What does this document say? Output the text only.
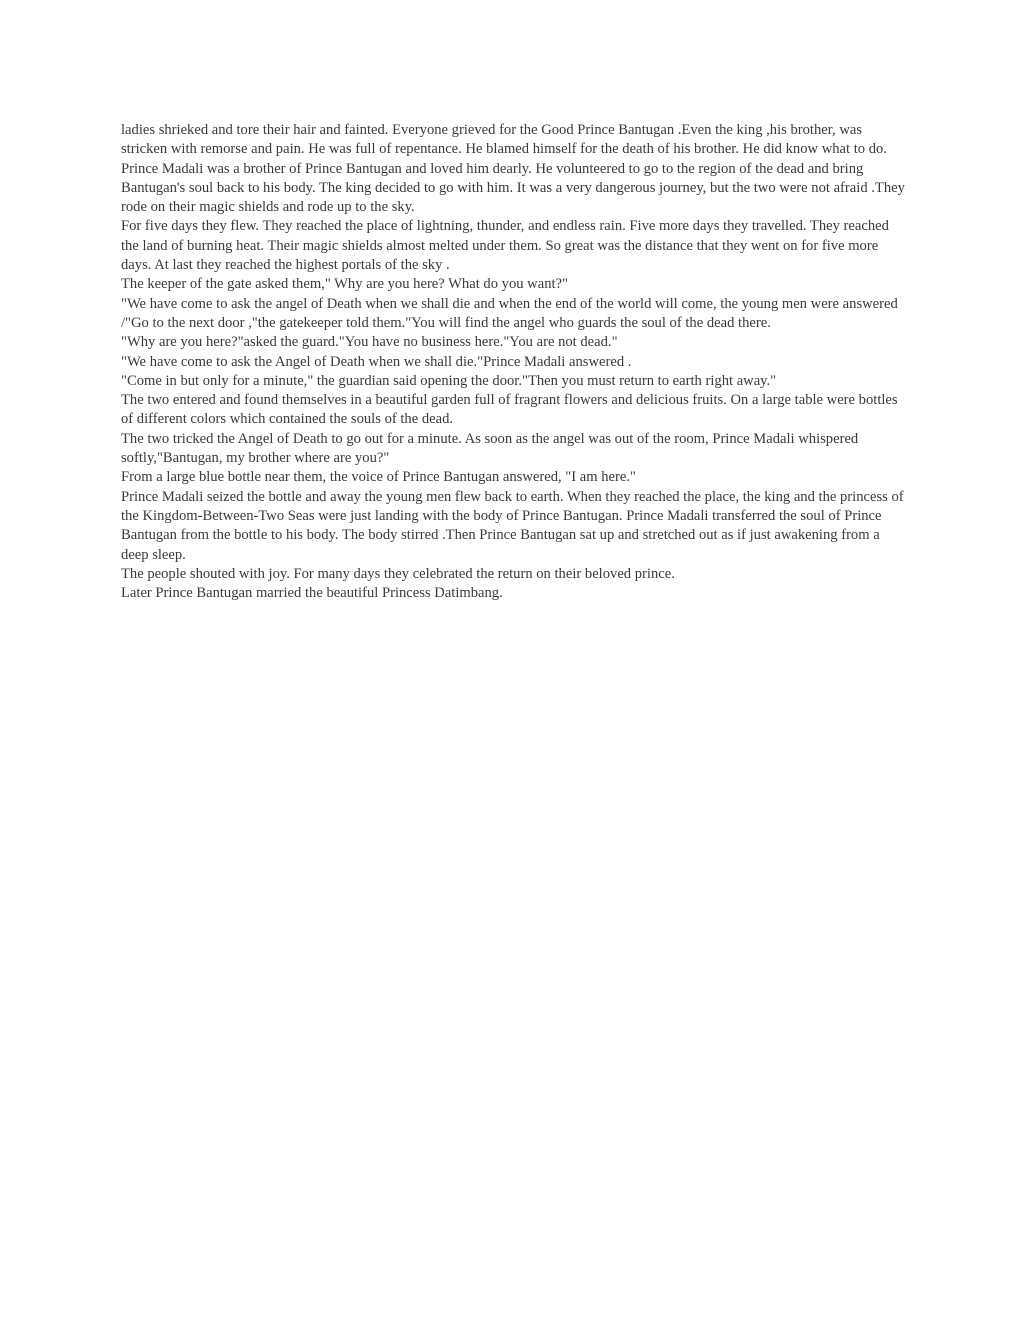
ladies shrieked and tore their hair and fainted. Everyone grieved for the Good Prince Bantugan .Even the king ,his brother, was stricken with remorse and pain. He was full of repentance. He blamed himself for the death of his brother. He did know what to do.

Prince Madali was a brother of Prince Bantugan and loved him dearly. He volunteered to go to the region of the dead and bring Bantugan's soul back to his body. The king decided to go with him. It was a very dangerous journey, but the two were not afraid .They rode on their magic shields and rode up to the sky.

For five days they flew. They reached the place of lightning, thunder, and endless rain. Five more days they travelled. They reached the land of burning heat. Their magic shields almost melted under them. So great was the distance that they went on for five more days. At last they reached the highest portals of the sky .

The keeper of the gate asked them," Why are you here? What do you want?"

"We have come to ask the angel of Death when we shall die and when the end of the world will come, the young men were answered /"Go to the next door ,"the gatekeeper told them."You will find the angel who guards the soul of the dead there.

"Why are you here?"asked the guard."You have no business here."You are not dead."

"We have come to ask the Angel of Death when we shall die."Prince Madali answered .

"Come in but only for a minute," the guardian said opening the door."Then you must return to earth right away."

The two entered and found themselves in a beautiful garden full of fragrant flowers and delicious fruits. On a large table were bottles of different colors which contained the souls of the dead.

The two tricked the Angel of Death to go out for a minute. As soon as the angel was out of the room, Prince Madali whispered softly,"Bantugan, my brother where are you?"

From a large blue bottle near them, the voice of Prince Bantugan answered, "I am here."

Prince Madali seized the bottle and away the young men flew back to earth. When they reached the place, the king and the princess of the Kingdom-Between-Two Seas were just landing with the body of Prince Bantugan. Prince Madali transferred the soul of Prince Bantugan from the bottle to his body. The body stirred .Then Prince Bantugan sat up and stretched out as if just awakening from a deep sleep.

The people shouted with joy. For many days they celebrated the return on their beloved prince.

Later Prince Bantugan married the beautiful Princess Datimbang.
